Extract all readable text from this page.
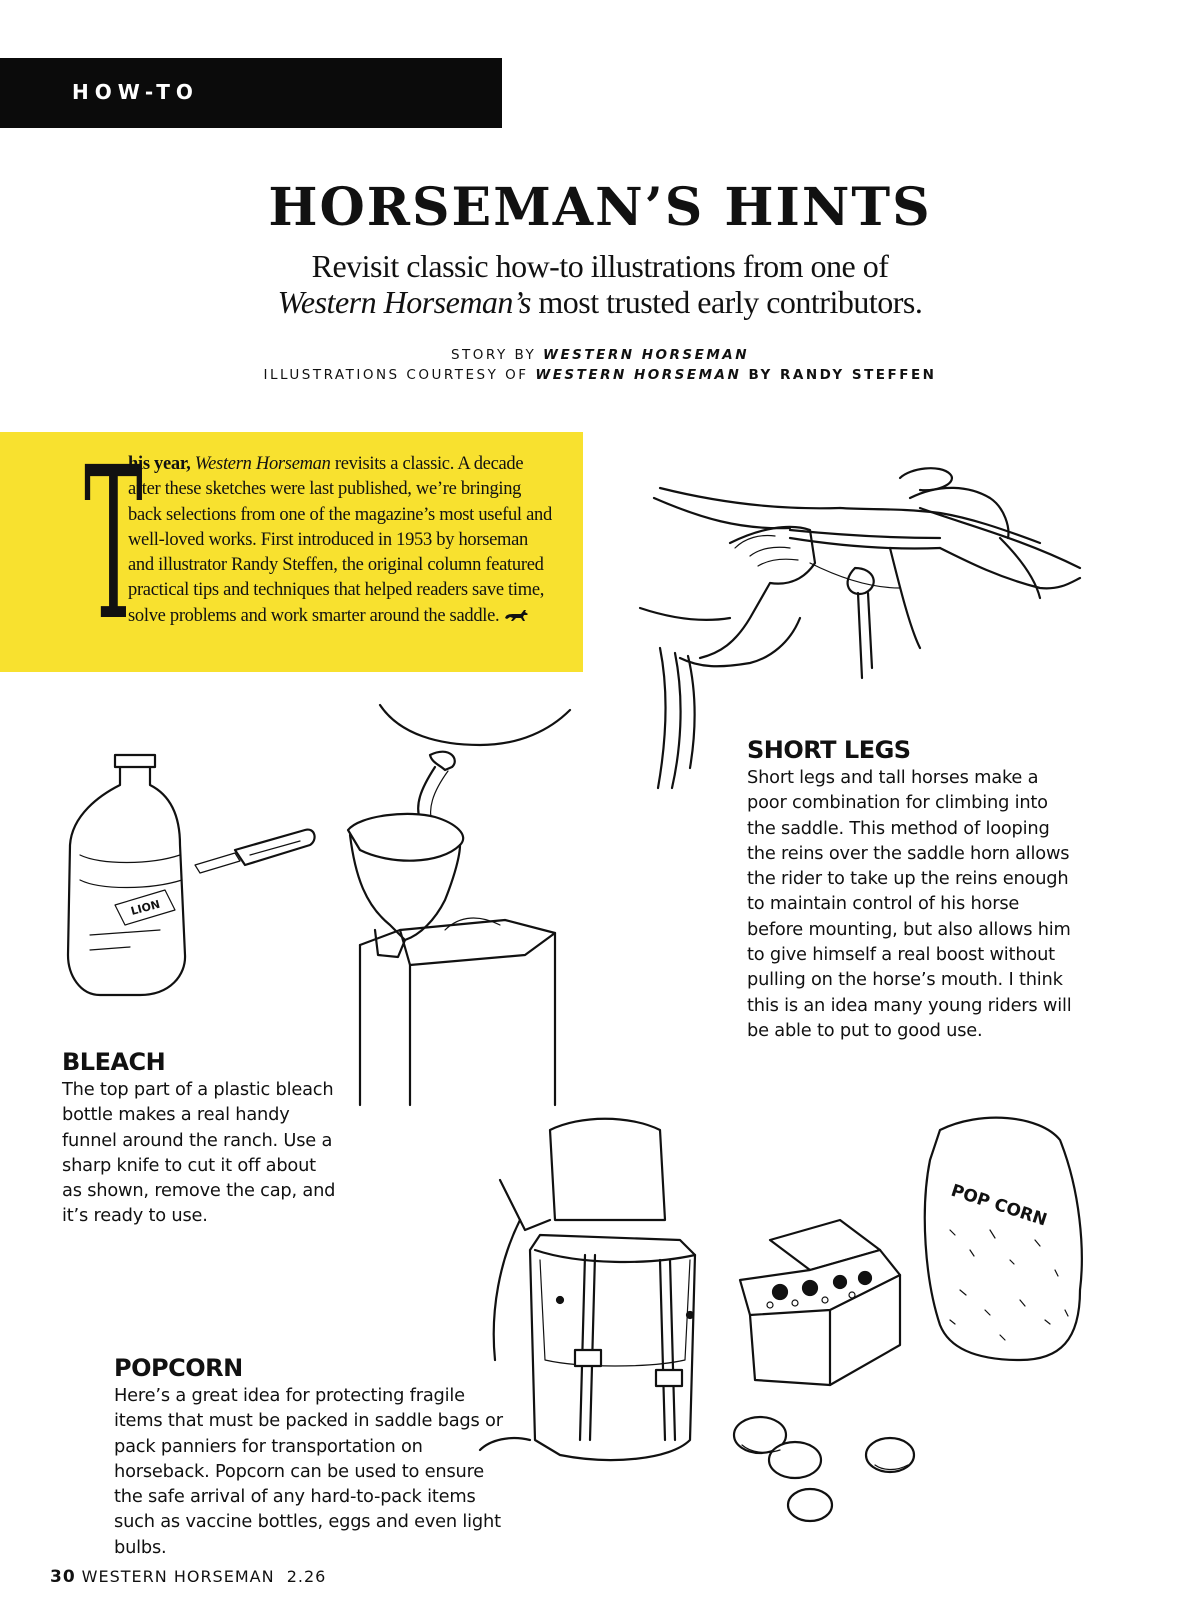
HOW-TO
HORSEMAN’S HINTS
Revisit classic how-to illustrations from one of
Western Horseman’s most trusted early contributors.
STORY BY WESTERN HORSEMAN
ILLUSTRATIONS COURTESY OF WESTERN HORSEMAN BY RANDY STEFFEN
T
his year, Western Horseman revisits a classic. A decade after these sketches were last published, we’re bringing back selections from one of the magazine’s most useful and well-loved works. First introduced in 1953 by horseman and illustrator Randy Steffen, the original column featured practical tips and techniques that helped readers save time, solve problems and work smarter around the saddle.
LION
POP CORN
SHORT LEGS
Short legs and tall horses make a poor combination for climbing into the saddle. This method of looping the reins over the saddle horn allows the rider to take up the reins enough to maintain control of his horse before mounting, but also allows him to give himself a real boost without pulling on the horse’s mouth. I think this is an idea many young riders will be able to put to good use.
BLEACH
The top part of a plastic bleach bottle makes a real handy funnel around the ranch. Use a sharp knife to cut it off about as shown, remove the cap, and it’s ready to use.
POPCORN
Here’s a great idea for protecting fragile items that must be packed in saddle bags or pack panniers for transportation on horseback. Popcorn can be used to ensure the safe arrival of any hard-to-pack items such as vaccine bottles, eggs and even light bulbs.
30 WESTERN HORSEMAN 2.26
